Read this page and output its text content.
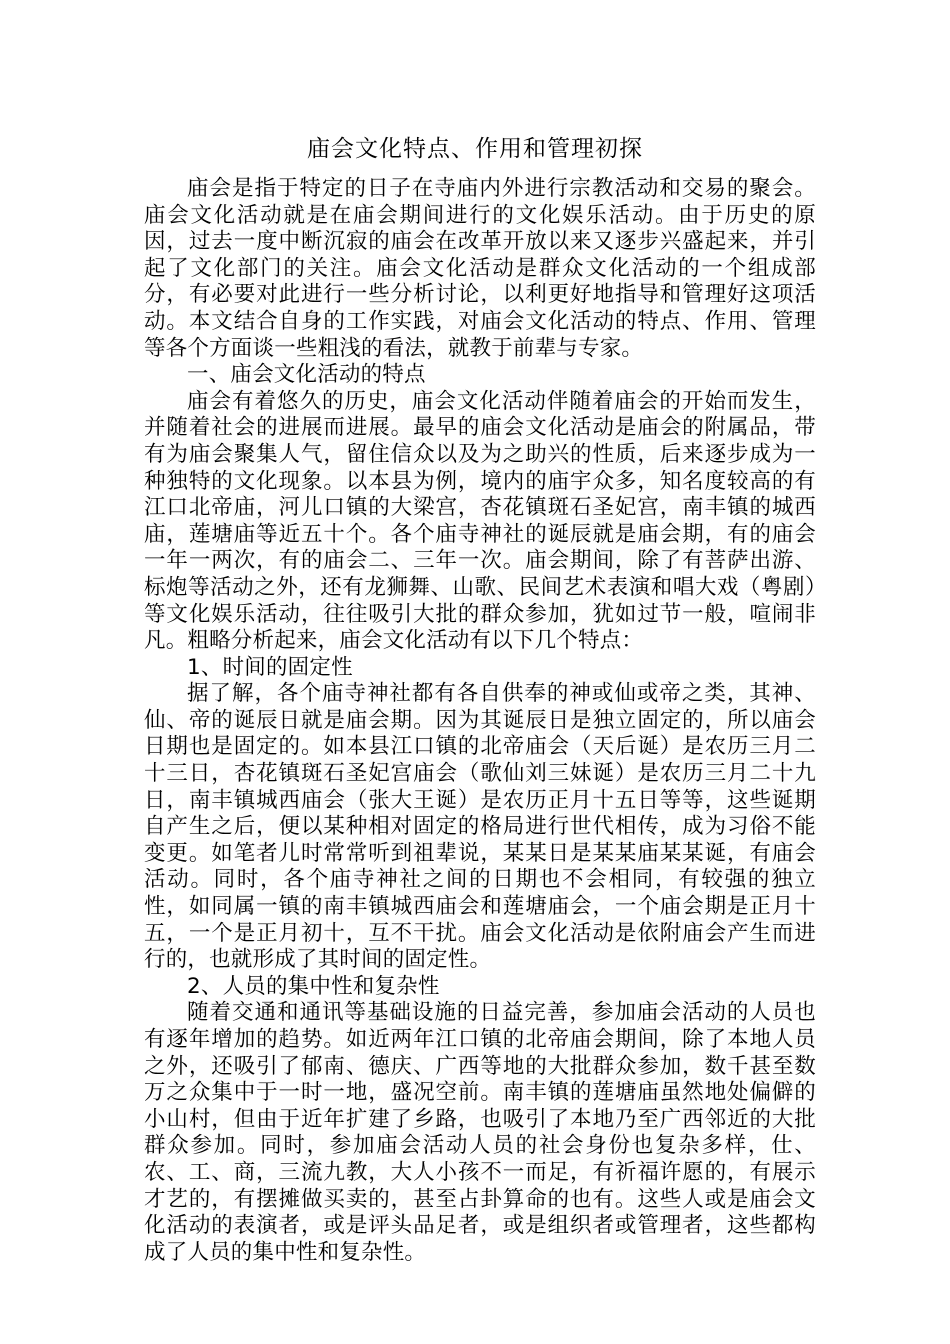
庙会文化特点、作用和管理初探

庙会是指于特定的日子在寺庙内外进行宗教活动和交易的聚会。庙会文化活动就是在庙会期间进行的文化娱乐活动。由于历史的原因，过去一度中断沉寂的庙会在改革开放以来又逐步兴盛起来，并引起了文化部门的关注。庙会文化活动是群众文化活动的一个组成部分，有必要对此进行一些分析讨论，以利更好地指导和管理好这项活动。本文结合自身的工作实践，对庙会文化活动的特点、作用、管理等各个方面谈一些粗浅的看法，就教于前辈与专家。

一、庙会文化活动的特点

庙会有着悠久的历史，庙会文化活动伴随着庙会的开始而发生，并随着社会的进展而进展。最早的庙会文化活动是庙会的附属品，带有为庙会聚集人气，留住信众以及为之助兴的性质，后来逐步成为一种独特的文化现象。以本县为例，境内的庙宇众多，知名度较高的有江口北帝庙，河儿口镇的大梁宫，杏花镇斑石圣妃宫，南丰镇的城西庙，莲塘庙等近五十个。各个庙寺神社的诞辰就是庙会期，有的庙会一年一两次，有的庙会二、三年一次。庙会期间，除了有菩萨出游、标炮等活动之外，还有龙狮舞、山歌、民间艺术表演和唱大戏（粤剧）等文化娱乐活动，往往吸引大批的群众参加，犹如过节一般，喧闹非凡。粗略分析起来，庙会文化活动有以下几个特点：

1、时间的固定性

据了解，各个庙寺神社都有各自供奉的神或仙或帝之类，其神、仙、帝的诞辰日就是庙会期。因为其诞辰日是独立固定的，所以庙会日期也是固定的。如本县江口镇的北帝庙会（天后诞）是农历三月二十三日，杏花镇斑石圣妃宫庙会（歌仙刘三妹诞）是农历三月二十九日，南丰镇城西庙会（张大王诞）是农历正月十五日等等，这些诞期自产生之后，便以某种相对固定的格局进行世代相传，成为习俗不能变更。如笔者儿时常常听到祖辈说，某某日是某某庙某某诞，有庙会活动。同时，各个庙寺神社之间的日期也不会相同，有较强的独立性，如同属一镇的南丰镇城西庙会和莲塘庙会，一个庙会期是正月十五，一个是正月初十，互不干扰。庙会文化活动是依附庙会产生而进行的，也就形成了其时间的固定性。

2、人员的集中性和复杂性

随着交通和通讯等基础设施的日益完善，参加庙会活动的人员也有逐年增加的趋势。如近两年江口镇的北帝庙会期间，除了本地人员之外，还吸引了郁南、德庆、广西等地的大批群众参加，数千甚至数万之众集中于一时一地，盛况空前。南丰镇的莲塘庙虽然地处偏僻的小山村，但由于近年扩建了乡路，也吸引了本地乃至广西邻近的大批群众参加。同时，参加庙会活动人员的社会身份也复杂多样，仕、农、工、商，三流九教，大人小孩不一而足，有祈福许愿的，有展示才艺的，有摆摊做买卖的，甚至占卦算命的也有。这些人或是庙会文化活动的表演者，或是评头品足者，或是组织者或管理者，这些都构成了人员的集中性和复杂性。
